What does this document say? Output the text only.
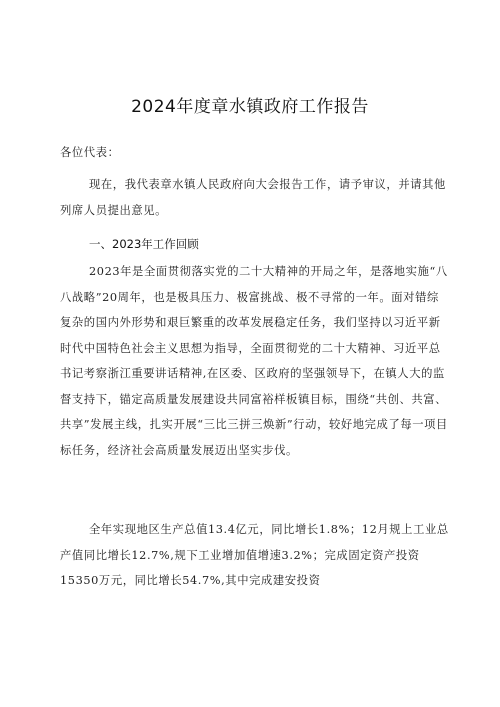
2024年度章水镇政府工作报告
各位代表：
现在，我代表章水镇人民政府向大会报告工作，请予审议，并请其他列席人员提出意见。
一、2023年工作回顾
2023年是全面贯彻落实党的二十大精神的开局之年，是落地实施“八八战略”20周年，也是极具压力、极富挑战、极不寻常的一年。面对错综复杂的国内外形势和艰巨繁重的改革发展稳定任务，我们坚持以习近平新时代中国特色社会主义思想为指导，全面贯彻党的二十大精神、习近平总书记考察浙江重要讲话精神,在区委、区政府的坚强领导下，在镇人大的监督支持下，锚定高质量发展建设共同富裕样板镇目标，围绕“共创、共富、共享”发展主线，扎实开展“三比三拼三焕新”行动，较好地完成了每一项目标任务，经济社会高质量发展迈出坚实步伐。
全年实现地区生产总值13.4亿元，同比增长1.8%；12月规上工业总产值同比增长12.7%,规下工业增加值增速3.2%；完成固定资产投资15350万元，同比增长54.7%,其中完成建安投资
